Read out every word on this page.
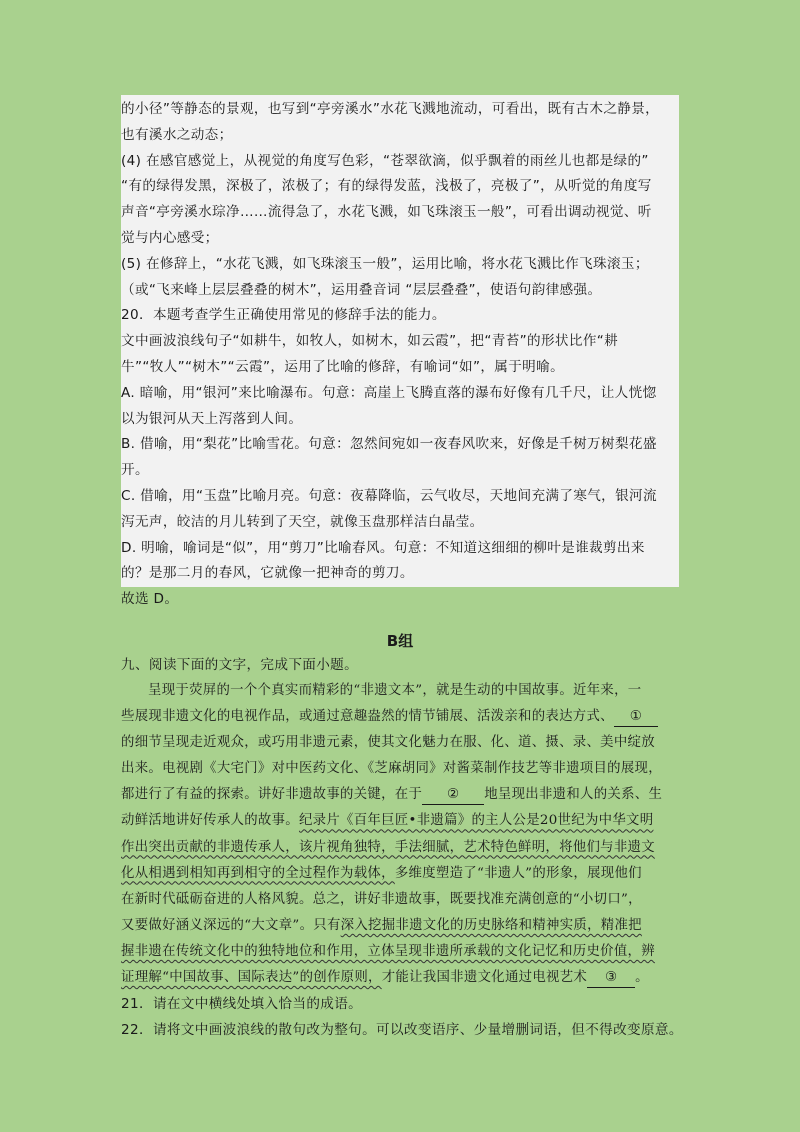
的小径”等静态的景观，也写到“亭旁溪水”水花飞溅地流动，可看出，既有古木之静景，

也有溪水之动态；

(4) 在感官感觉上，从视觉的角度写色彩，“苍翠欲滴，似乎飘着的雨丝儿也都是绿的”

“有的绿得发黑，深极了，浓极了；有的绿得发蓝，浅极了，亮极了”，从听觉的角度写

声音“亭旁溪水琮净……流得急了，水花飞溅，如飞珠滚玉一般”，可看出调动视觉、听

觉与内心感受；

(5) 在修辞上，“水花飞溅，如飞珠滚玉一般”，运用比喻，将水花飞溅比作飞珠滚玉；

（或“飞来峰上层层叠叠的树木”，运用叠音词 “层层叠叠”，使语句韵律感强。

20．本题考查学生正确使用常见的修辞手法的能力。

文中画波浪线句子“如耕牛，如牧人，如树木，如云霞”，把“青苔”的形状比作“耕

牛”“牧人”“树木”“云霞”，运用了比喻的修辞，有喻词“如”，属于明喻。

A. 暗喻，用“银河”来比喻瀑布。句意：高崖上飞腾直落的瀑布好像有几千尺，让人恍惚

以为银河从天上泻落到人间。

B. 借喻，用“梨花”比喻雪花。句意：忽然间宛如一夜春风吹来，好像是千树万树梨花盛

开。

C. 借喻，用“玉盘”比喻月亮。句意：夜幕降临，云气收尽，天地间充满了寒气，银河流

泻无声，皎洁的月儿转到了天空，就像玉盘那样洁白晶莹。

D. 明喻，喻词是“似”，用“剪刀”比喻春风。句意：不知道这细细的柳叶是谁裁剪出来

的？是那二月的春风，它就像一把神奇的剪刀。

故选 D。

B组

九、阅读下面的文字，完成下面小题。

呈现于荧屏的一个个真实而精彩的“非遗文本”，就是生动的中国故事。近年来，一
些展现非遗文化的电视作品，或通过意趣盎然的情节铺展、活泼亲和的表达方式、 ①
的细节呈现走近观众，或巧用非遗元素，使其文化魅力在服、化、道、摄、录、美中绽放
出来。电视剧《大宅门》对中医药文化、《芝麻胡同》对酱菜制作技艺等非遗项目的展现，
都进行了有益的探索。讲好非遗故事的关键，在于 ② 地呈现出非遗和人的关系、生
动鲜活地讲好传承人的故事。纪录片《百年巨匠•非遗篇》的主人公是20世纪为中华文明
作出突出贡献的非遗传承人，该片视角独特，手法细腻，艺术特色鲜明，将他们与非遗文
化从相遇到相知再到相守的全过程作为载体，多维度塑造了“非遗人”的形象，展现他们
在新时代砥砺奋进的人格风貌。总之，讲好非遗故事，既要找准充满创意的“小切口”，
又要做好涵义深远的“大文章”。只有深入挖掘非遗文化的历史脉络和精神实质，精准把
握非遗在传统文化中的独特地位和作用，立体呈现非遗所承载的文化记忆和历史价值，辨
证理解“中国故事、国际表达”的创作原则，才能让我国非遗文化通过电视艺术 ③ 。

21．请在文中横线处填入恰当的成语。

22．请将文中画波浪线的散句改为整句。可以改变语序、少量增删词语，但不得改变原意。
